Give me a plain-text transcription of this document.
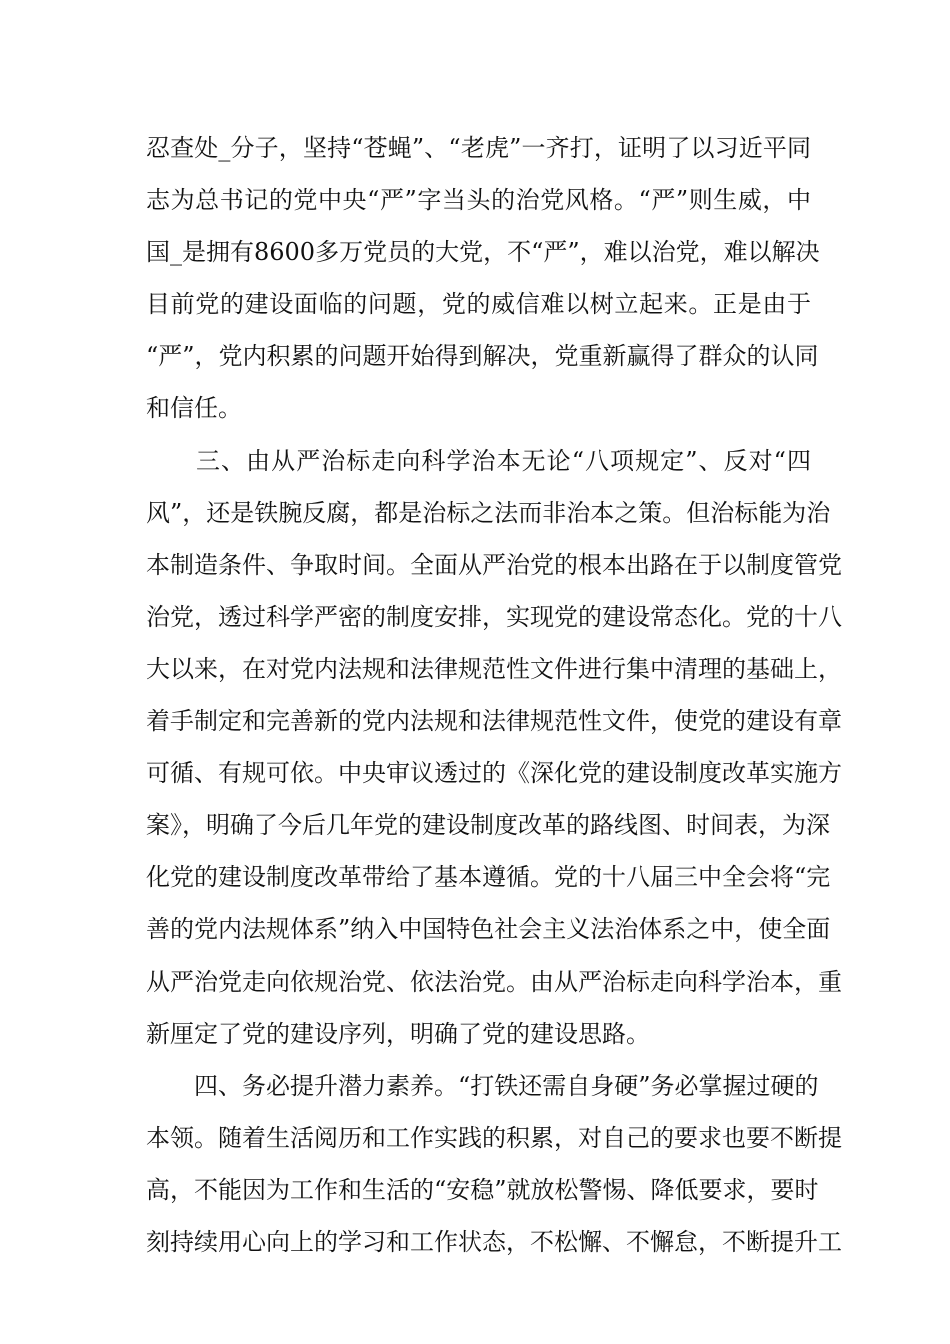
忍查处_分子，坚持“苍蝇”、“老虎”一齐打，证明了以习近平同
志为总书记的党中央“严”字当头的治党风格。“严”则生威，中
国_是拥有8600多万党员的大党，不“严”，难以治党，难以解决
目前党的建设面临的问题，党的威信难以树立起来。正是由于
“严”，党内积累的问题开始得到解决，党重新赢得了群众的认同
和信任。
三、由从严治标走向科学治本无论“八项规定”、反对“四
风”，还是铁腕反腐，都是治标之法而非治本之策。但治标能为治
本制造条件、争取时间。全面从严治党的根本出路在于以制度管党
治党，透过科学严密的制度安排，实现党的建设常态化。党的十八
大以来，在对党内法规和法律规范性文件进行集中清理的基础上，
着手制定和完善新的党内法规和法律规范性文件，使党的建设有章
可循、有规可依。中央审议透过的《深化党的建设制度改革实施方
案》，明确了今后几年党的建设制度改革的路线图、时间表，为深
化党的建设制度改革带给了基本遵循。党的十八届三中全会将“完
善的党内法规体系”纳入中国特色社会主义法治体系之中，使全面
从严治党走向依规治党、依法治党。由从严治标走向科学治本，重
新厘定了党的建设序列，明确了党的建设思路。
四、务必提升潜力素养。“打铁还需自身硬”务必掌握过硬的
本领。随着生活阅历和工作实践的积累，对自己的要求也要不断提
高，不能因为工作和生活的“安稳”就放松警惕、降低要求，要时
刻持续用心向上的学习和工作状态，不松懈、不懈怠，不断提升工
